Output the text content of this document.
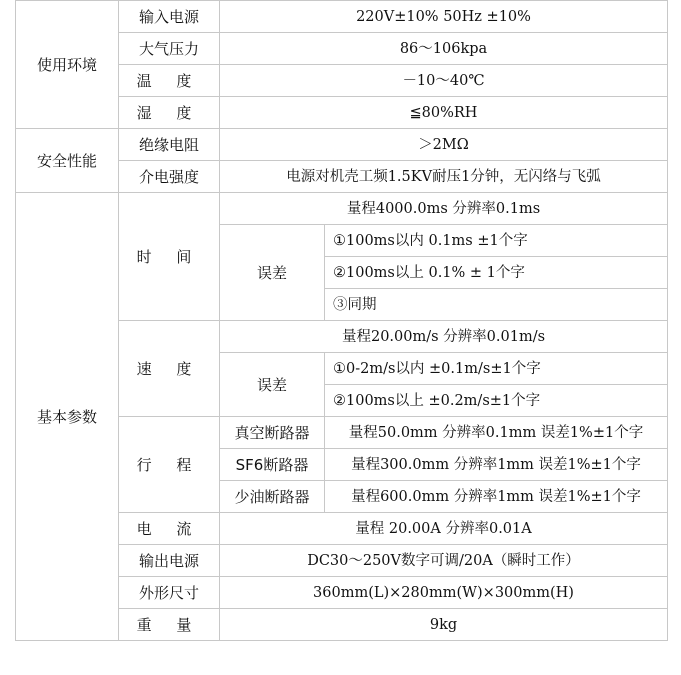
使用环境	输入电源	220V±10% 50Hz ±10%	
	大气压力	86～106kpa	
	温 度	－10～40℃	
	湿 度	≦80%RH	
安全性能	绝缘电阻	＞2MΩ	
	介电强度	电源对机壳工频1.5KV耐压1分钟，无闪络与飞弧	
基本参数	时 间	量程4000.0ms 分辨率0.1ms	
		误差	①100ms以内 0.1ms ±1个字
			②100ms以上 0.1% ± 1个字
			③同期
	速 度	量程20.00m/s 分辨率0.01m/s	
		误差	①0-2m/s以内 ±0.1m/s±1个字
			②100ms以上 ±0.2m/s±1个字
	行 程	真空断路器	量程50.0mm 分辨率0.1mm 误差1%±1个字
		SF6断路器	量程300.0mm 分辨率1mm 误差1%±1个字
		少油断路器	量程600.0mm 分辨率1mm 误差1%±1个字
	电 流	量程 20.00A 分辨率0.01A	
	输出电源	DC30～250V数字可调/20A（瞬时工作）	
	外形尺寸	360mm(L)×280mm(W)×300mm(H)	
	重 量	9kg	
